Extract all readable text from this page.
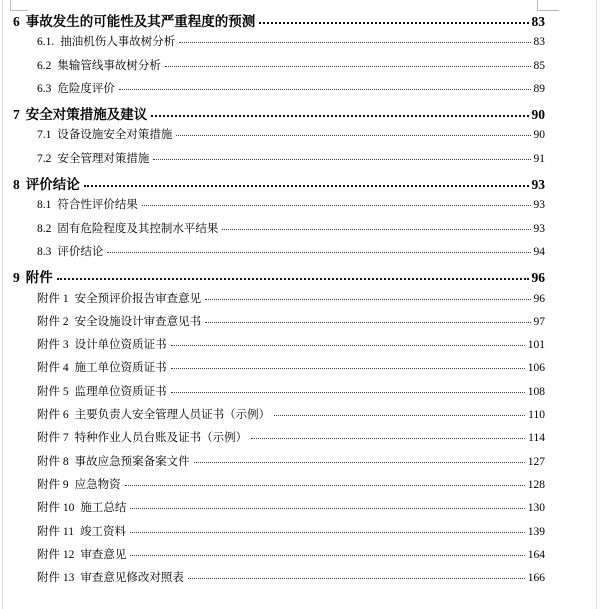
6 事故发生的可能性及其严重程度的预测	83
6.1. 抽油机伤人事故树分析	83
6.2 集输管线事故树分析	85
6.3 危险度评价	89
7 安全对策措施及建议	90
7.1 设备设施安全对策措施	90
7.2 安全管理对策措施	91
8 评价结论	93
8.1 符合性评价结果	93
8.2 固有危险程度及其控制水平结果	93
8.3 评价结论	94
9 附件	96
附件 1 安全预评价报告审查意见	96
附件 2 安全设施设计审查意见书	97
附件 3 设计单位资质证书	101
附件 4 施工单位资质证书	106
附件 5 监理单位资质证书	108
附件 6 主要负责人安全管理人员证书（示例）	110
附件 7 特种作业人员台账及证书（示例）	114
附件 8 事故应急预案备案文件	127
附件 9 应急物资	128
附件 10 施工总结	130
附件 11 竣工资料	139
附件 12 审查意见	164
附件 13 审查意见修改对照表	166
